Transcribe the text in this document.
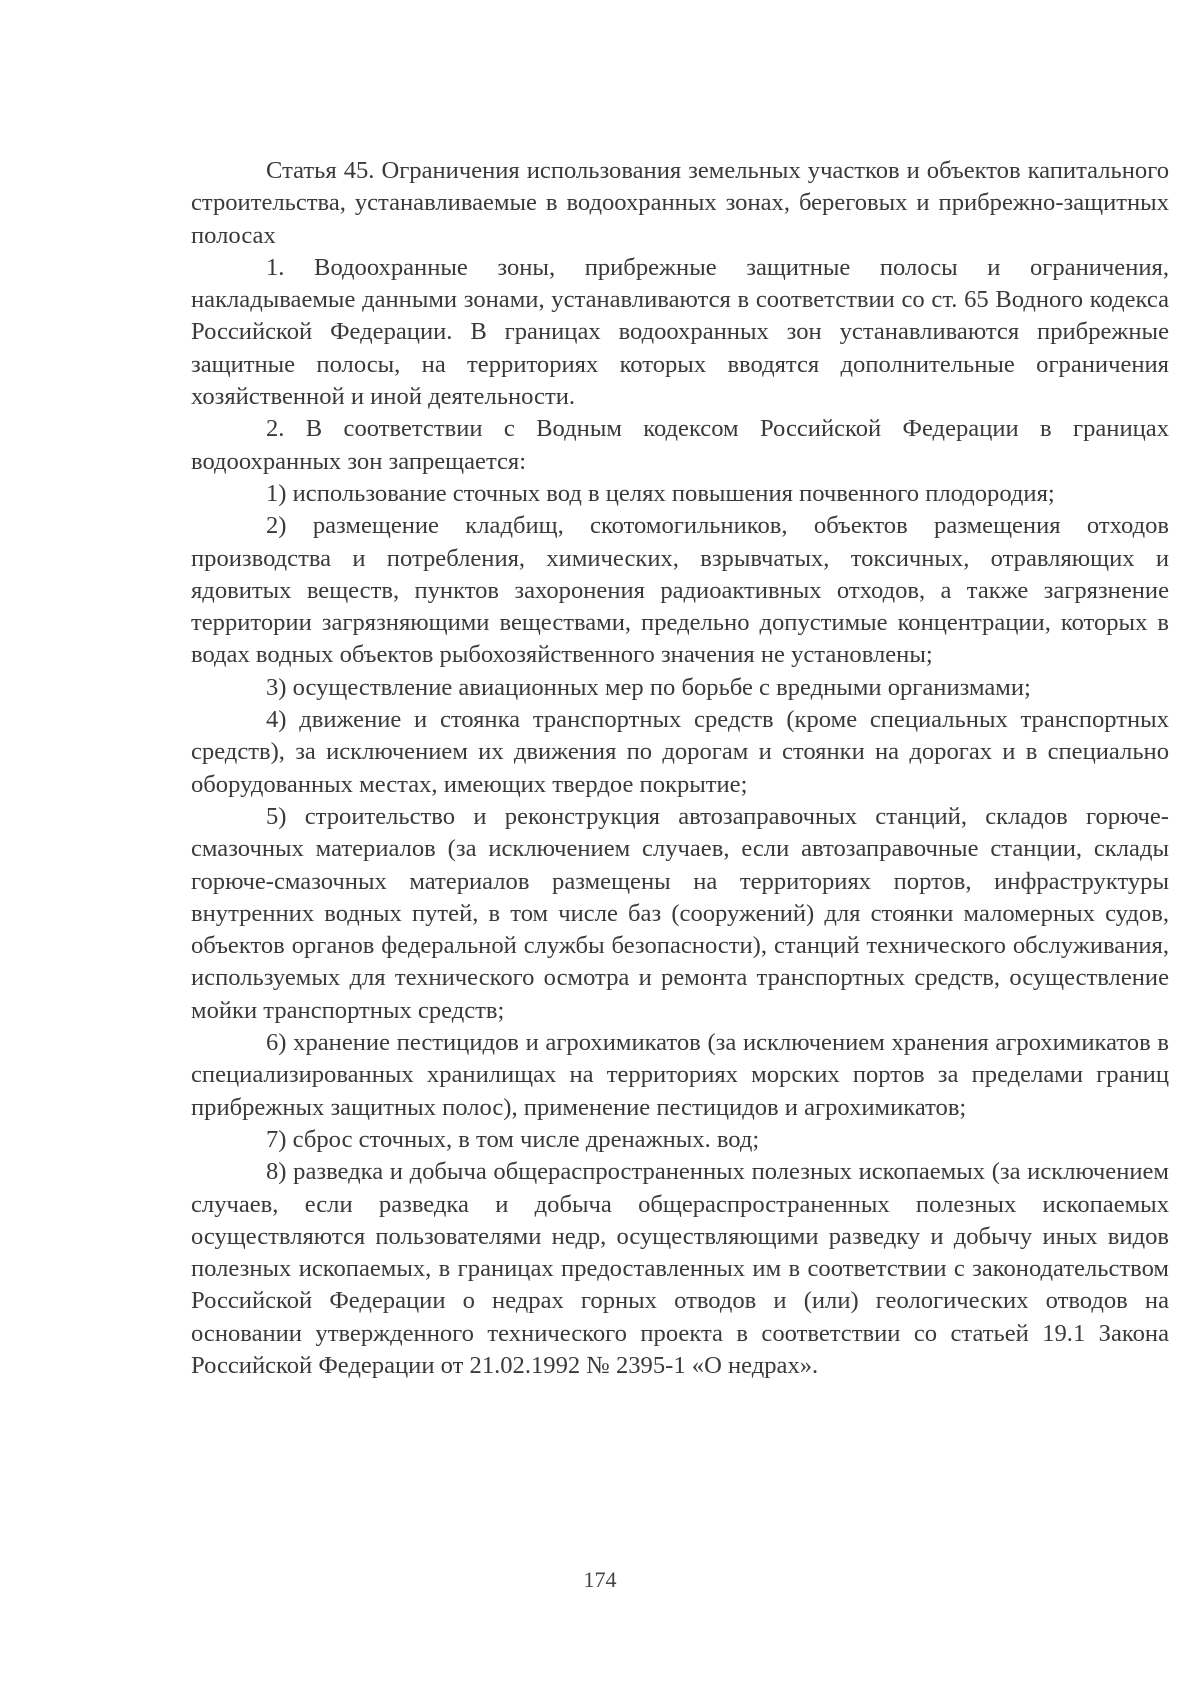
Статья 45. Ограничения использования земельных участков и объектов капитального строительства, устанавливаемые в водоохранных зонах, береговых и прибрежно-защитных полосах

1. Водоохранные зоны, прибрежные защитные полосы и ограничения, накладываемые данными зонами, устанавливаются в соответствии со ст. 65 Водного кодекса Российской Федерации. В границах водоохранных зон устанавливаются прибрежные защитные полосы, на территориях которых вводятся дополнительные ограничения хозяйственной и иной деятельности.

2. В соответствии с Водным кодексом Российской Федерации в границах водоохранных зон запрещается:

1) использование сточных вод в целях повышения почвенного плодородия;

2) размещение кладбищ, скотомогильников, объектов размещения отходов производства и потребления, химических, взрывчатых, токсичных, отравляющих и ядовитых веществ, пунктов захоронения радиоактивных отходов, а также загрязнение территории загрязняющими веществами, предельно допустимые концентрации, которых в водах водных объектов рыбохозяйственного значения не установлены;

3) осуществление авиационных мер по борьбе с вредными организмами;

4) движение и стоянка транспортных средств (кроме специальных транспортных средств), за исключением их движения по дорогам и стоянки на дорогах и в специально оборудованных местах, имеющих твердое покрытие;

5) строительство и реконструкция автозаправочных станций, складов горюче-смазочных материалов (за исключением случаев, если автозаправочные станции, склады горюче-смазочных материалов размещены на территориях портов, инфраструктуры внутренних водных путей, в том числе баз (сооружений) для стоянки маломерных судов, объектов органов федеральной службы безопасности), станций технического обслуживания, используемых для технического осмотра и ремонта транспортных средств, осуществление мойки транспортных средств;

6) хранение пестицидов и агрохимикатов (за исключением хранения агрохимикатов в специализированных хранилищах на территориях морских портов за пределами границ прибрежных защитных полос), применение пестицидов и агрохимикатов;

7) сброс сточных, в том числе дренажных. вод;

8) разведка и добыча общераспространенных полезных ископаемых (за исключением случаев, если разведка и добыча общераспространенных полезных ископаемых осуществляются пользователями недр, осуществляющими разведку и добычу иных видов полезных ископаемых, в границах предоставленных им в соответствии с законодательством Российской Федерации о недрах горных отводов и (или) геологических отводов на основании утвержденного технического проекта в соответствии со статьей 19.1 Закона Российской Федерации от 21.02.1992 № 2395-1 «О недрах».

174
